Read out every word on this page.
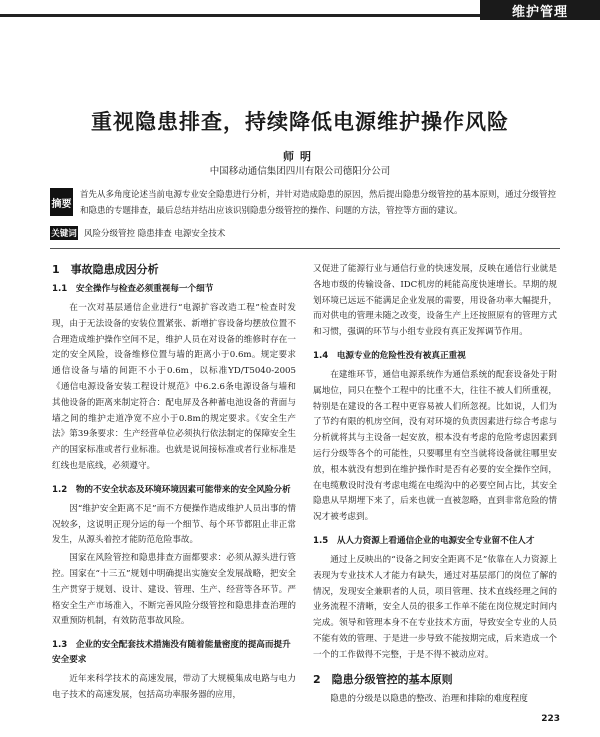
维护管理
重视隐患排查，持续降低电源维护操作风险
师明
中国移动通信集团四川有限公司德阳分公司
摘要
首先从多角度论述当前电源专业安全隐患进行分析，并针对造成隐患的原因，然后提出隐患分级管控的基本原则，通过分级管控和隐患的专题排查，最后总结并结出应该识别隐患分级管控的操作、问题的方法，管控等方面的建议。
关键词 风险分级管控 隐患排查 电源安全技术
1　事故隐患成因分析
1.1　安全操作与检查必须重视每一个细节

在一次对基层通信企业进行“电源扩容改造工程”检查时发现，由于无法设备的安装位置紧张、新增扩容设备均摆放位置不合理造成维护操作空间不足，维护人员在对设备的维修时存在一定的安全风险，设备维修位置与墙的距离小于0.6m。规定要求通信设备与墙的间距不小于0.6m，以标准YD/T5040-2005《通信电源设备安装工程设计规范》中6.2.6条电源设备与墙和其他设备的距离来制定符合：配电屏及各种蓄电池设备的背面与墙之间的维护走道净宽不应小于0.8m的规定要求。《安全生产法》第39条要求：生产经营单位必须执行依法制定的保障安全生产的国家标准或者行业标准。也就是说间接标准或者行业标准是红线也是底线，必须遵守。

1.2　物的不安全状态及环境环境因素可能带来的安全风险分析

因“维护安全距离不足”而不方便操作造成维护人员出事的情况较多，这说明正现分运的每一个细节、每个环节都阻止非正常发生，从源头着控才能防范危险事故。

国家在风险管控和隐患排查方面都要求：必须从源头进行管控。国家在“十三五”规划中明确提出实施安全发展战略，把安全生产贯穿于规划、设计、建设、管理、生产、经营等各环节。严格安全生产市场准入，不断完善风险分级管控和隐患排查治理的双重预防机制，有效防范事故风险。

1.3　企业的安全配套技术措施没有随着能量密度的提高而提升安全要求

近年来科学技术的高速发展，带动了大规模集成电路与电力电子技术的高速发展，包括高功率服务器的应用，

又促进了能源行业与通信行业的快速发展，反映在通信行业就是各地市级的传输设备、IDC机房的耗能高度快速增长。早期的规划环境已远远不能满足企业发展的需要，用设备功率大幅提升，而对供电的管理未随之改变，设备生产上还按照原有的管理方式和习惯，强调的环节与小组专业段有真正发挥调节作用。

1.4　电源专业的危险性没有被真正重视

在建维环节，通信电源系统作为通信系统的配套设备处于附属地位，同只在整个工程中的比重不大，往往不被人们所重视，特别是在建设的各工程中更容易被人们所忽视。比如说，人们为了节约有限的机房空间，没有对环境的负责因素进行综合考虑与分析就将其与主设备一起安放，根本没有考虑的危险考虑因素到运行分级等各个的可能性，只要哪里有空当就将设备就往哪里安放，根本就没有想到在维护操作时是否有必要的安全操作空间，在电缆敷设时没有考虑电缆在电缆沟中的必要空间占比，其安全隐患从早期埋下来了，后来也就一直被忽略，直到非常危险的情况才被考虑到。

1.5　从人力资源上看通信企业的电源安全专业留不住人才

通过上反映出的“设备之间安全距离不足”依靠在人力资源上表现为专业技术人才能力有缺失，通过对基层部门的岗位了解的情况，发现安全兼职者的人员，项目管理、技术直线经理之间的业务流程不清晰，安全人员的很多工作单不能在岗位规定时间内完成。领导和管理本身不在专业技术方面，导致安全专业的人员不能有效的管理、于是进一步导致不能按期完成，后来造成一个一个的工作做得不完整，于是不得不被动应对。

2　隐患分级管控的基本原则

隐患的分级是以隐患的整改、治理和排除的难度程度

223
